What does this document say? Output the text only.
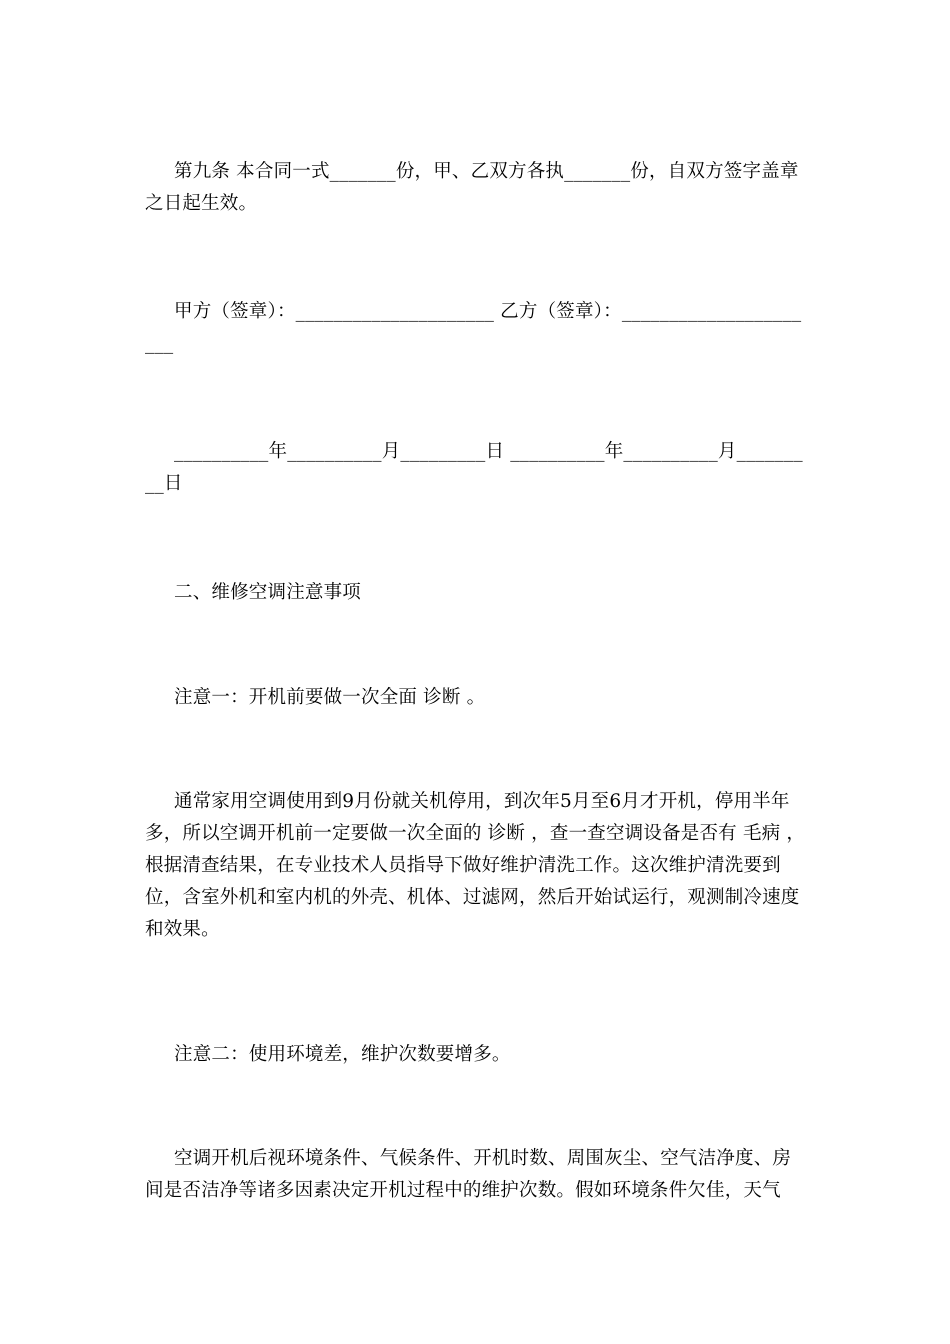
第九条 本合同一式_______份，甲、乙双方各执_______份，自双方签字盖章之日起生效。

甲方（签章）：_____________________ 乙方（签章）：______________________

__________年__________月_________日 __________年__________月_________日

二、维修空调注意事项

注意一：开机前要做一次全面 诊断 。

通常家用空调使用到9月份就关机停用，到次年5月至6月才开机，停用半年多，所以空调开机前一定要做一次全面的 诊断 ，查一查空调设备是否有 毛病 ，根据清查结果，在专业技术人员指导下做好维护清洗工作。这次维护清洗要到位，含室外机和室内机的外壳、机体、过滤网，然后开始试运行，观测制冷速度和效果。

注意二：使用环境差，维护次数要增多。

空调开机后视环境条件、气候条件、开机时数、周围灰尘、空气洁净度、房间是否洁净等诸多因素决定开机过程中的维护次数。假如环境条件欠佳，天气
